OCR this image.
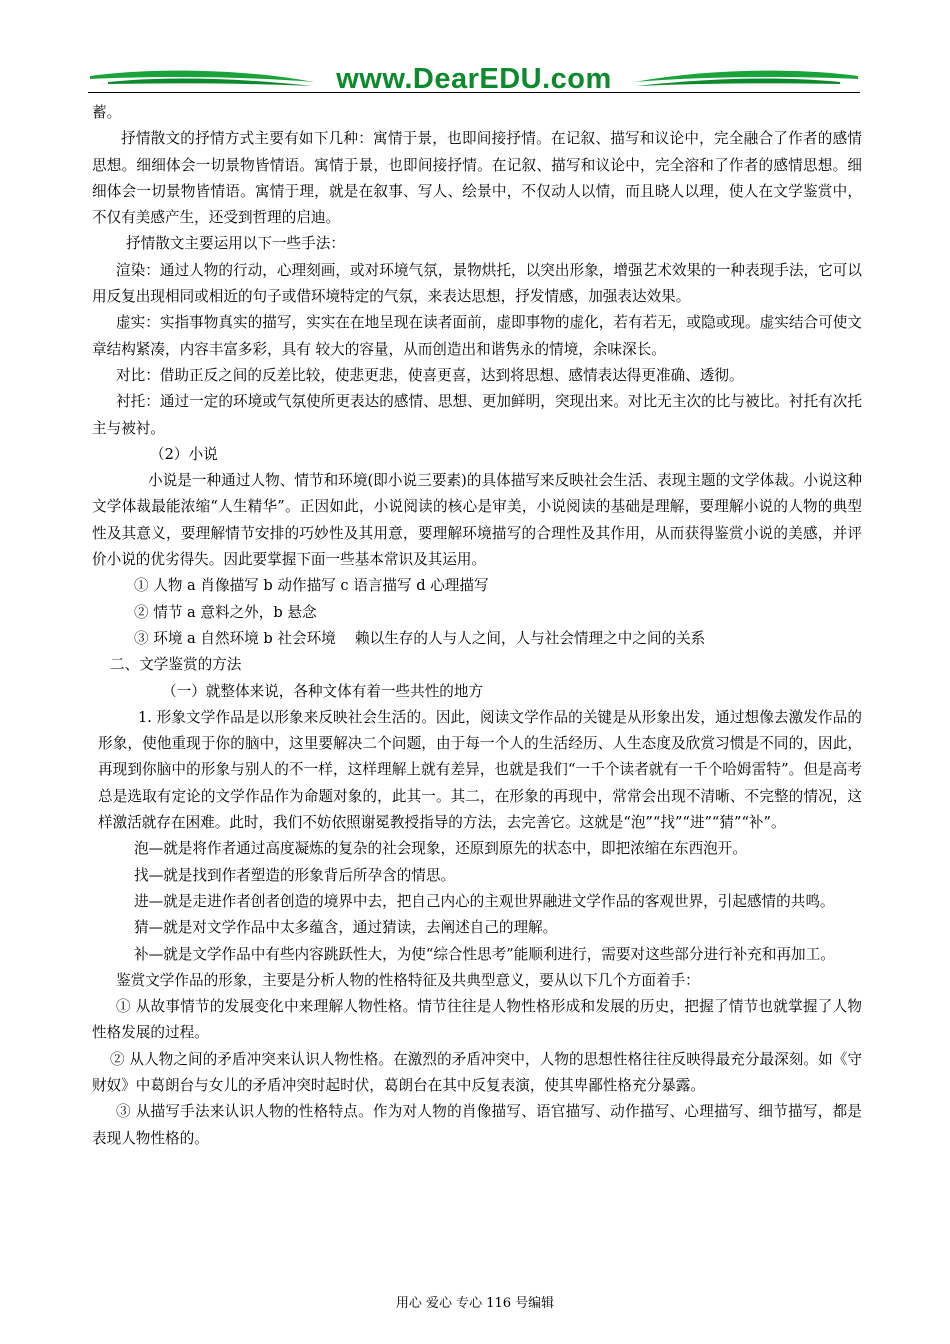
www.DearEDU.com

蓄。

抒情散文的抒情方式主要有如下几种：寓情于景，也即间接抒情。在记叙、描写和议论中，完全融合了作者的感情思想。细细体会一切景物皆情语。寓情于景，也即间接抒情。在记叙、描写和议论中，完全溶和了作者的感情思想。细细体会一切景物皆情语。寓情于理，就是在叙事、写人、绘景中，不仅动人以情，而且晓人以理，使人在文学鉴赏中，不仅有美感产生，还受到哲理的启迪。

抒情散文主要运用以下一些手法：

渲染：通过人物的行动，心理刻画，或对环境气氛，景物烘托，以突出形象，增强艺术效果的一种表现手法，它可以用反复出现相同或相近的句子或借环境特定的气氛，来表达思想，抒发情感，加强表达效果。

虚实：实指事物真实的描写，实实在在地呈现在读者面前，虚即事物的虚化，若有若无，或隐或现。虚实结合可使文章结构紧凑，内容丰富多彩，具有 较大的容量，从而创造出和谐隽永的情境，余味深长。

对比：借助正反之间的反差比较，使悲更悲，使喜更喜，达到将思想、感情表达得更准确、透彻。

衬托：通过一定的环境或气氛使所更表达的感情、思想、更加鲜明，突现出来。对比无主次的比与被比。衬托有次托主与被衬。

（2）小说

小说是一种通过人物、情节和环境(即小说三要素)的具体描写来反映社会生活、表现主题的文学体裁。小说这种文学体裁最能浓缩“人生精华”。正因如此，小说阅读的核心是审美，小说阅读的基础是理解，要理解小说的人物的典型性及其意义，要理解情节安排的巧妙性及其用意，要理解环境描写的合理性及其作用，从而获得鉴赏小说的美感，并评价小说的优劣得失。因此要掌握下面一些基本常识及其运用。

① 人物 a 肖像描写 b 动作描写 c 语言描写 d 心理描写

② 情节 a 意料之外，b 悬念

③ 环境 a 自然环境 b 社会环境　 赖以生存的人与人之间，人与社会情理之中之间的关系

二、文学鉴赏的方法

（一）就整体来说，各种文体有着一些共性的地方

1. 形象文学作品是以形象来反映社会生活的。因此，阅读文学作品的关键是从形象出发，通过想像去激发作品的形象，使他重现于你的脑中，这里要解决二个问题，由于每一个人的生活经历、人生态度及欣赏习惯是不同的，因此，再现到你脑中的形象与别人的不一样，这样理解上就有差异，也就是我们“一千个读者就有一千个哈姆雷特”。但是高考总是选取有定论的文学作品作为命题对象的，此其一。其二，在形象的再现中，常常会出现不清晰、不完整的情况，这样激活就存在困难。此时，我们不妨依照谢冕教授指导的方法，去完善它。这就是“泡”“找”“进”“猜”“补”。

泡—就是将作者通过高度凝炼的复杂的社会现象，还原到原先的状态中，即把浓缩在东西泡开。

找—就是找到作者塑造的形象背后所孕含的情思。

进—就是走进作者创者创造的境界中去，把自己内心的主观世界融进文学作品的客观世界，引起感情的共鸣。

猜—就是对文学作品中太多蕴含，通过猜读，去阐述自己的理解。

补—就是文学作品中有些内容跳跃性大，为使“综合性思考”能顺利进行，需要对这些部分进行补充和再加工。

鉴赏文学作品的形象，主要是分析人物的性格特征及共典型意义，要从以下几个方面着手：

① 从故事情节的发展变化中来理解人物性格。情节往往是人物性格形成和发展的历史，把握了情节也就掌握了人物性格发展的过程。

② 从人物之间的矛盾冲突来认识人物性格。在激烈的矛盾冲突中，人物的思想性格往往反映得最充分最深刻。如《守财奴》中葛朗台与女儿的矛盾冲突时起时伏，葛朗台在其中反复表演，使其卑鄙性格充分暴露。

③ 从描写手法来认识人物的性格特点。作为对人物的肖像描写、语官描写、动作描写、心理描写、细节描写，都是表现人物性格的。

用心 爱心 专心 116 号编辑
